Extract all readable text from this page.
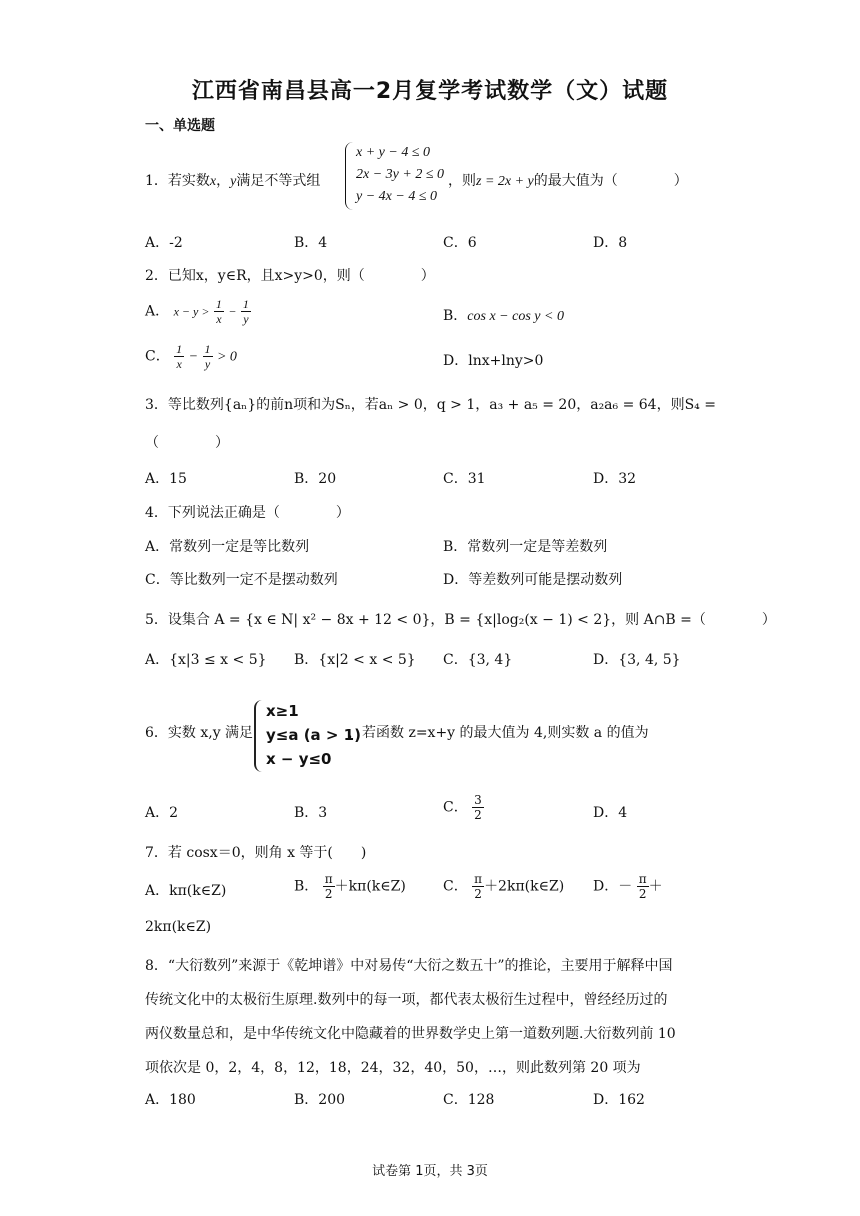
江西省南昌县高一2月复学考试数学（文）试题
一、单选题
1．若实数x，y满足不等式组
x + y − 4 ≤ 0
2x − 3y + 2 ≤ 0
y − 4x − 4 ≤ 0
，则z = 2x + y的最大值为（　　　　）
A．-2	B．4	C．6	D．8
2．已知x，y∈R，且x>y>0，则（　　　　）
A． $x - y > \frac{1}{x} - \frac{1}{y}$	B．cos x − cos y < 0
C． $\frac{1}{x} - \frac{1}{y} > 0$	D．lnx+lny>0
3．等比数列{aₙ}的前n项和为Sₙ，若aₙ > 0，q > 1，a₃ + a₅ = 20，a₂a₆ = 64，则S₄ =
（　　　　）
A．15	B．20	C．31	D．32
4．下列说法正确是（　　　　）
A．常数列一定是等比数列	B．常数列一定是等差数列
C．等比数列一定不是摆动数列	D．等差数列可能是摆动数列
5．设集合 A = {x ∈ N| x² − 8x + 12 < 0}，B = {x|log₂(x − 1) < 2}，则 A∩B =（　　　　）
A．{x|3 ≤ x < 5} B．{x|2 < x < 5} C．{3, 4}	D．{3, 4, 5}
6．实数 x,y 满足
x≥1
y≤a (a > 1)
x − y≤0
，若函数 z=x+y 的最大值为 4,则实数 a 的值为
A．2	B．3	C． $\frac{3}{2}$	D．4
7．若 cosx＝0，则角 x 等于(　　)
A．kπ(k∈Z)	B． $\frac{\pi}{2}$ ＋kπ(k∈Z)	C． $\frac{\pi}{2}$ ＋2kπ(k∈Z) D．－ $\frac{\pi}{2}$ ＋
2kπ(k∈Z)
8．“大衍数列”来源于《乾坤谱》中对易传“大衍之数五十”的推论，主要用于解释中国
传统文化中的太极衍生原理.数列中的每一项，都代表太极衍生过程中，曾经经历过的
两仪数量总和，是中华传统文化中隐藏着的世界数学史上第一道数列题.大衍数列前 10
项依次是 0，2，4，8，12，18，24，32，40，50，…，则此数列第 20 项为
A．180	B．200	C．128	D．162
试卷第 1页，共 3页
